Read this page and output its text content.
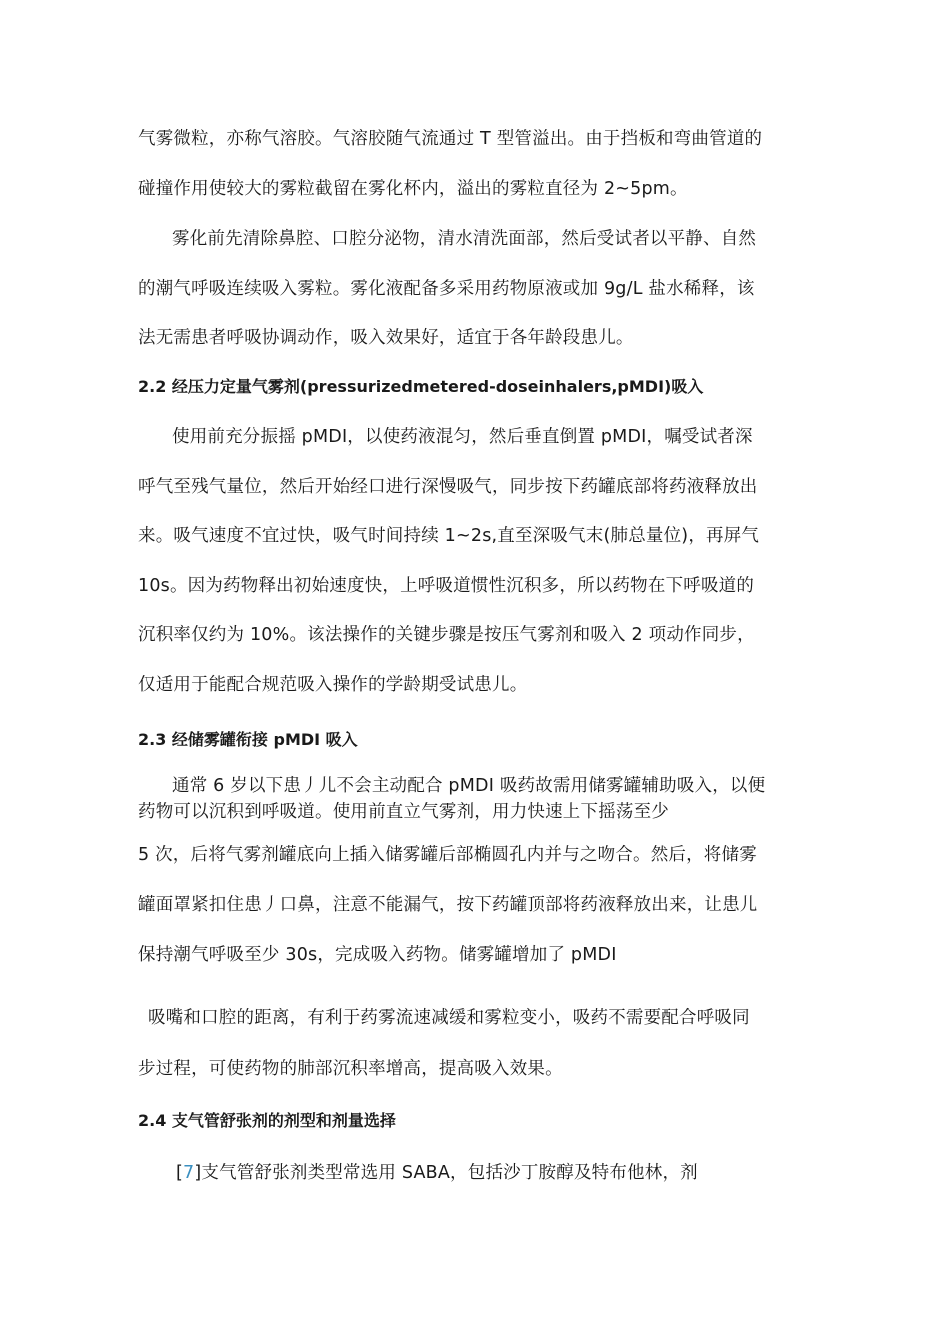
气雾微粒，亦称气溶胶。气溶胶随气流通过 T 型管溢出。由于挡板和弯曲管道的
碰撞作用使较大的雾粒截留在雾化杯内，溢出的雾粒直径为 2~5pm。
雾化前先清除鼻腔、口腔分泌物，清水清洗面部，然后受试者以平静、自然
的潮气呼吸连续吸入雾粒。雾化液配备多采用药物原液或加 9g/L 盐水稀释，该
法无需患者呼吸协调动作，吸入效果好，适宜于各年龄段患儿。
2.2 经压力定量气雾剂(pressurizedmetered-doseinhalers,pMDI)吸入
使用前充分振摇 pMDI，以使药液混匀，然后垂直倒置 pMDI，嘱受试者深
呼气至残气量位，然后开始经口进行深慢吸气，同步按下药罐底部将药液释放出
来。吸气速度不宜过快，吸气时间持续 1~2s,直至深吸气末(肺总量位)，再屏气
10s。因为药物释出初始速度快，上呼吸道惯性沉积多，所以药物在下呼吸道的
沉积率仅约为 10%。该法操作的关键步骤是按压气雾剂和吸入 2 项动作同步，
仅适用于能配合规范吸入操作的学龄期受试患儿。
2.3 经储雾罐衔接 pMDI 吸入
通常 6 岁以下患丿儿不会主动配合 pMDI 吸药故需用储雾罐辅助吸入，以便
药物可以沉积到呼吸道。使用前直立气雾剂，用力快速上下摇荡至少
5 次，后将气雾剂罐底向上插入储雾罐后部椭圆孔内并与之吻合。然后，将储雾
罐面罩紧扣住患丿口鼻，注意不能漏气，按下药罐顶部将药液释放出来，让患儿
保持潮气呼吸至少 30s，完成吸入药物。储雾罐增加了 pMDI
吸嘴和口腔的距离，有利于药雾流速减缓和雾粒变小，吸药不需要配合呼吸同
步过程，可使药物的肺部沉积率增高，提高吸入效果。
2.4 支气管舒张剂的剂型和剂量选择
[7]支气管舒张剂类型常选用 SABA，包括沙丁胺醇及特布他林，剂
